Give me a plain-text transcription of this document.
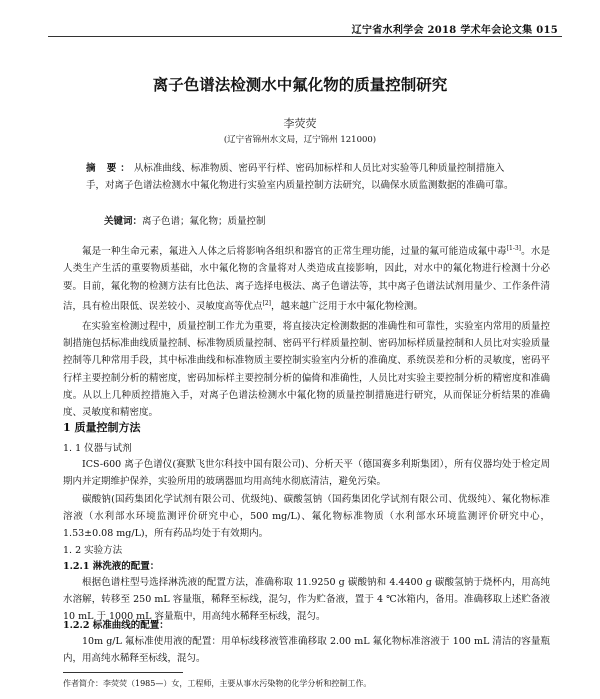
辽宁省水利学会 2018 学术年会论文集 015
离子色谱法检测水中氟化物的质量控制研究
李荧荧
(辽宁省锦州水文局，辽宁锦州 121000)
摘 要：从标准曲线、标准物质、密码平行样、密码加标样和人员比对实验等几种质量控制措施入手，对离子色谱法检测水中氟化物进行实验室内质量控制方法研究，以确保水质监测数据的准确可靠。
关键词：离子色谱；氟化物；质量控制
氟是一种生命元素，氟进入人体之后将影响各组织和器官的正常生理功能，过量的氟可能造成氟中毒[1-3]。水是人类生产生活的重要物质基础，水中氟化物的含量将对人类造成直接影响，因此，对水中的氟化物进行检测十分必要。目前，氟化物的检测方法有比色法、离子选择电极法、离子色谱法等，其中离子色谱法试剂用量少、工作条件清洁，具有检出限低、误差较小、灵敏度高等优点[2]，越来越广泛用于水中氟化物检测。
在实验室检测过程中，质量控制工作尤为重要，将直接决定检测数据的准确性和可靠性，实验室内常用的质量控制措施包括标准曲线质量控制、标准物质质量控制、密码平行样质量控制、密码加标样质量控制和人员比对实验质量控制等几种常用手段，其中标准曲线和标准物质主要控制实验室内分析的准确度、系统误差和分析的灵敏度，密码平行样主要控制分析的精密度，密码加标样主要控制分析的偏倚和准确性，人员比对实验主要控制分析的精密度和准确度。从以上几种质控措施入手，对离子色谱法检测水中氟化物的质量控制措施进行研究，从而保证分析结果的准确度、灵敏度和精密度。
1 质量控制方法
1. 1 仪器与试剂
ICS-600 离子色谱仪(赛默飞世尔科技中国有限公司)、分析天平（德国赛多利斯集团），所有仪器均处于检定周期内并定期维护保养，实验所用的玻璃器皿均用高纯水彻底清洁，避免污染。
碳酸钠(国药集团化学试剂有限公司、优级纯)、碳酸氢钠（国药集团化学试剂有限公司、优级纯）、氟化物标准溶液（水利部水环境监测评价研究中心，500 mg/L)、氟化物标准物质（水利部水环境监测评价研究中心，1.53±0.08 mg/L)，所有药品均处于有效期内。
1. 2 实验方法
1.2.1 淋洗液的配置：
根据色谱柱型号选择淋洗液的配置方法，准确称取 11.9250 g 碳酸钠和 4.4400 g 碳酸氢钠于烧杯内，用高纯水溶解，转移至 250 mL 容量瓶，稀释至标线，混匀，作为贮备液，置于 4 ℃冰箱内，备用。准确移取上述贮备液 10 mL 于 1000 mL 容量瓶中，用高纯水稀释至标线，混匀。
1.2.2 标准曲线的配置：
10m g/L 氟标准使用液的配置：用单标线移液管准确移取 2.00 mL 氟化物标准溶液于 100 mL 清洁的容量瓶内，用高纯水稀释至标线，混匀。
作者简介：李荧荧（1985—）女，工程师，主要从事水污染物的化学分析和控制工作。
